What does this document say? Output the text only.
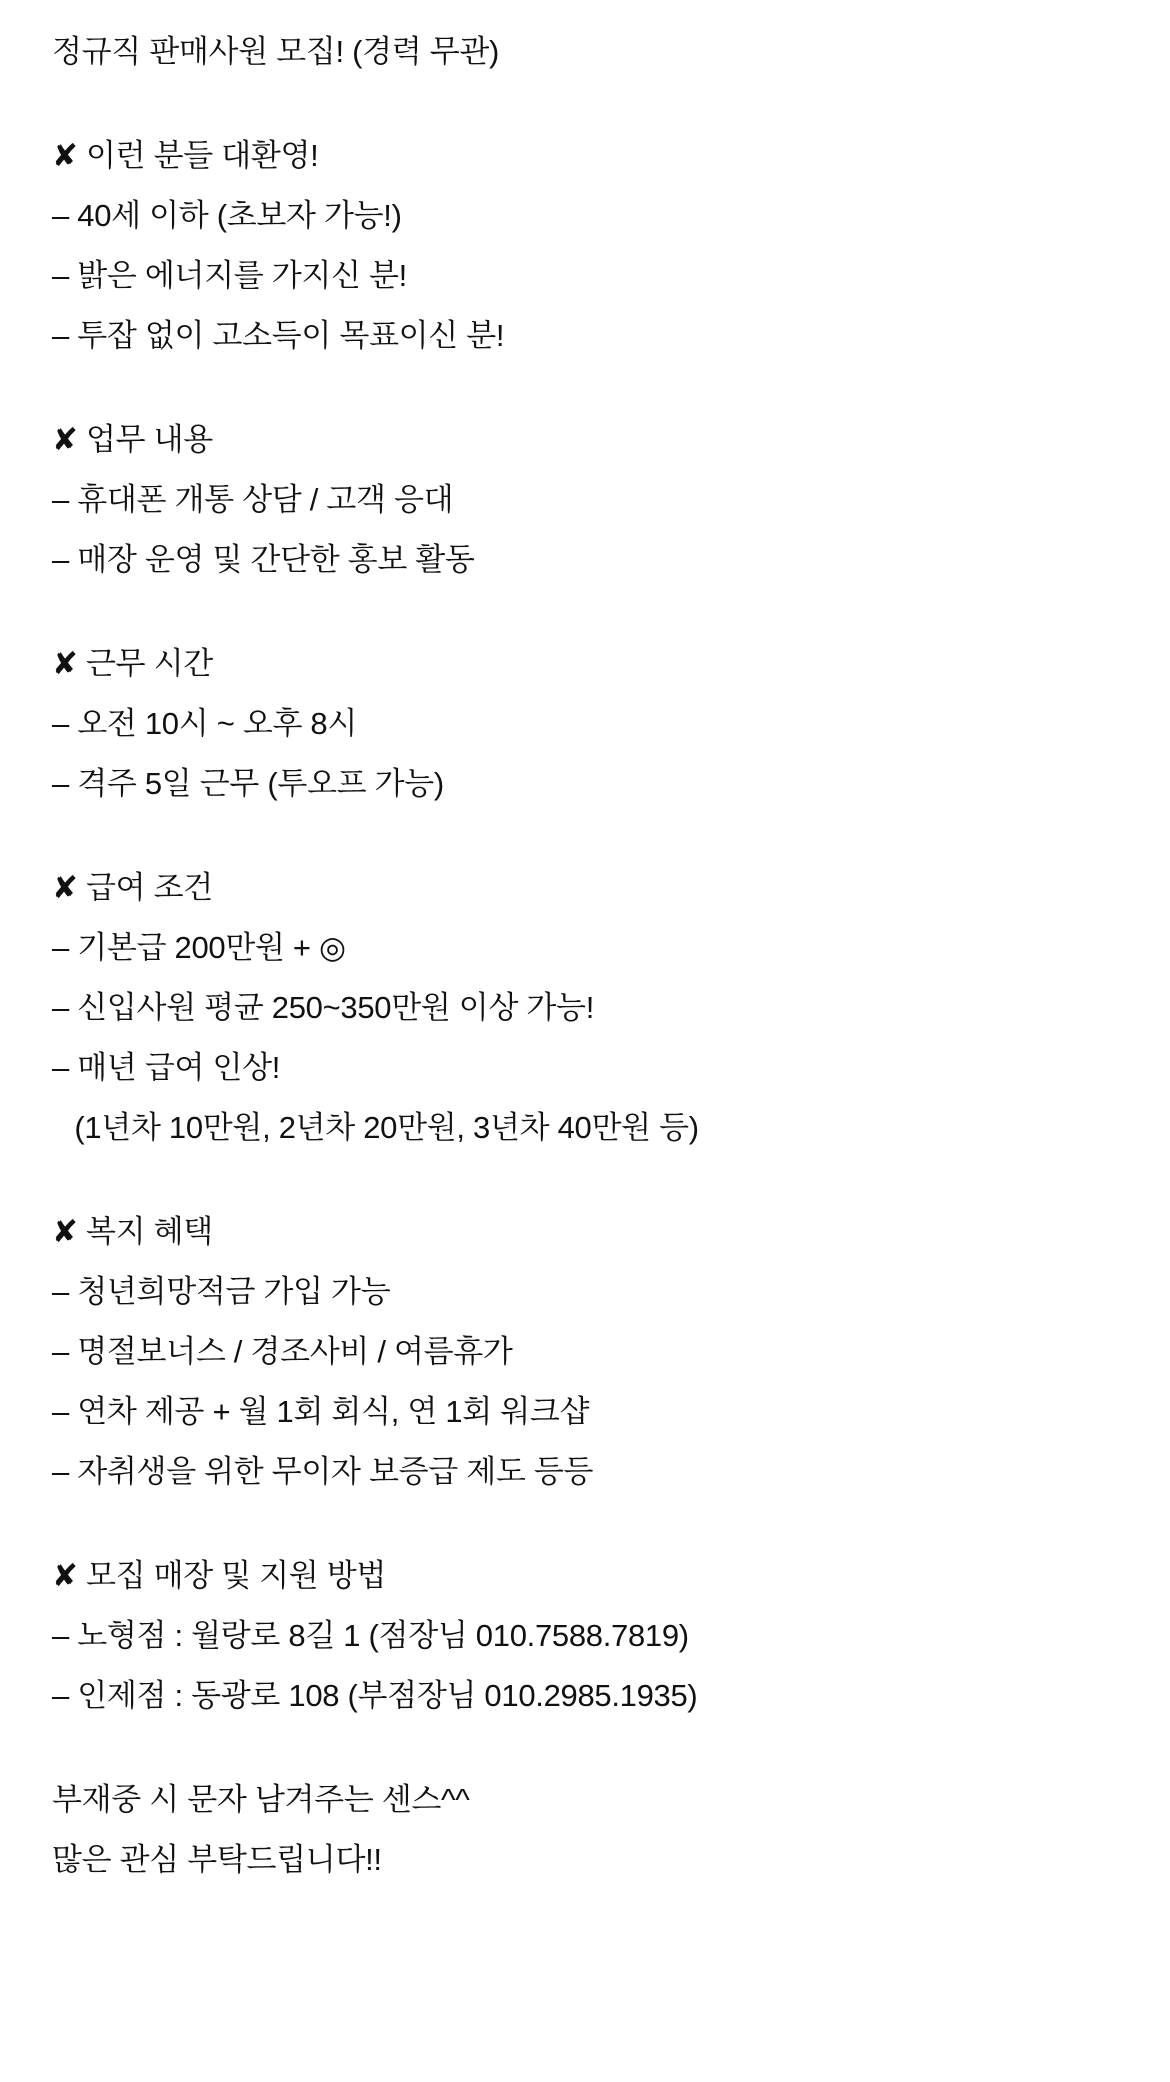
정규직 판매사원 모집! (경력 무관)
✘ 이런 분들 대환영!
– 40세 이하 (초보자 가능!)
– 밝은 에너지를 가지신 분!
– 투잡 없이 고소득이 목표이신 분!
✘ 업무 내용
– 휴대폰 개통 상담 / 고객 응대
– 매장 운영 및 간단한 홍보 활동
✘ 근무 시간
– 오전 10시 ~ 오후 8시
– 격주 5일 근무 (투오프 가능)
✘ 급여 조건
– 기본급 200만원 + ◎
– 신입사원 평균 250~350만원 이상 가능!
– 매년 급여 인상!
(1년차 10만원, 2년차 20만원, 3년차 40만원 등)
✘ 복지 혜택
– 청년희망적금 가입 가능
– 명절보너스 / 경조사비 / 여름휴가
– 연차 제공 + 월 1회 회식, 연 1회 워크샵
– 자취생을 위한 무이자 보증급 제도 등등
✘ 모집 매장 및 지원 방법
– 노형점 : 월랑로 8길 1 (점장님 010.7588.7819)
– 인제점 : 동광로 108 (부점장님 010.2985.1935)
부재중 시 문자 남겨주는 센스^^
많은 관심 부탁드립니다!!
